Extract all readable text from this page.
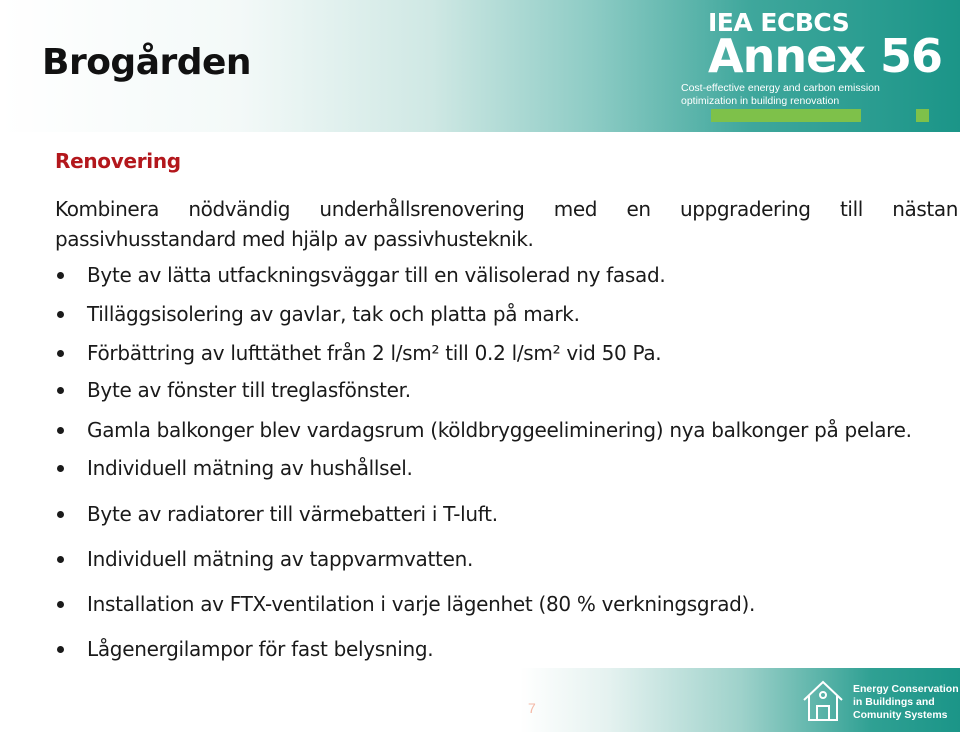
Brogården
IEA ECBCS
Annex 56
Cost-effective energy and carbon emission
optimization in building renovation
Renovering
Kombinera nödvändig underhållsrenovering med en uppgradering till nästan passivhusstandard med hjälp av passivhusteknik.
Byte av lätta utfackningsväggar till en välisolerad ny fasad.
Tilläggsisolering av gavlar, tak och platta på mark.
Förbättring av lufttäthet från 2 l/sm² till 0.2 l/sm² vid 50 Pa.
Byte av fönster till treglasfönster.
Gamla balkonger blev vardagsrum (köldbryggeeliminering) nya balkonger på pelare.
Individuell mätning av hushållsel.
Byte av radiatorer till värmebatteri i T-luft.
Individuell mätning av tappvarmvatten.
Installation av FTX-ventilation i varje lägenhet (80 % verkningsgrad).
Lågenergilampor för fast belysning.
7
Energy Conservation
in Buildings and
Comunity Systems
